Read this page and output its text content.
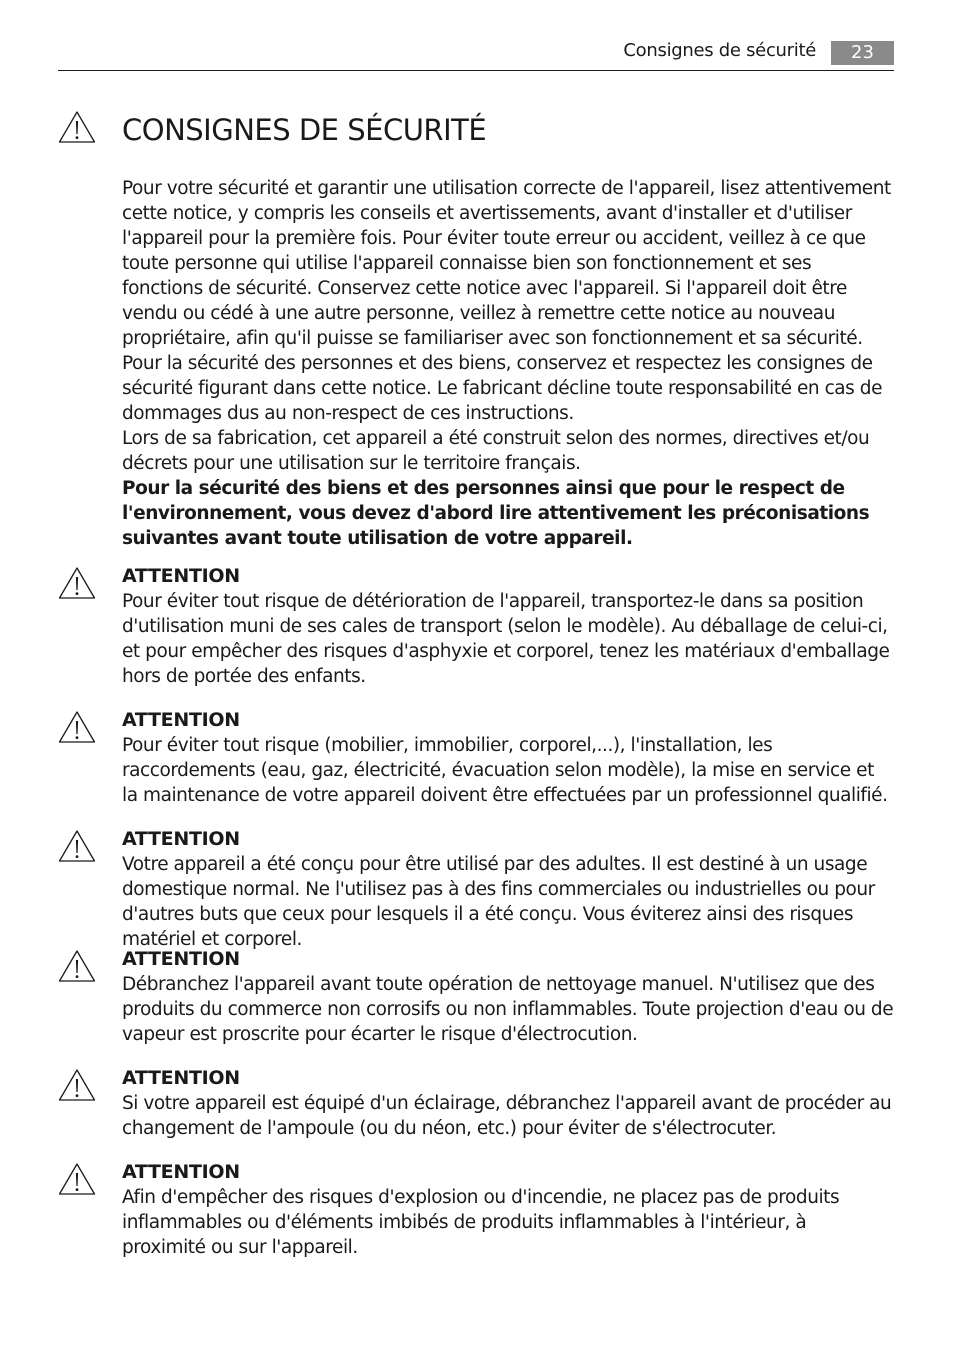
Consignes de sécurité	23
CONSIGNES DE SÉCURITÉ

Pour votre sécurité et garantir une utilisation correcte de l'appareil, lisez attentivement cette notice, y compris les conseils et avertissements, avant d'installer et d'utiliser l'appareil pour la première fois. Pour éviter toute erreur ou accident, veillez à ce que toute personne qui utilise l'appareil connaisse bien son fonctionnement et ses fonctions de sécurité. Conservez cette notice avec l'appareil. Si l'appareil doit être vendu ou cédé à une autre personne, veillez à remettre cette notice au nouveau propriétaire, afin qu'il puisse se familiariser avec son fonctionnement et sa sécurité.

Pour la sécurité des personnes et des biens, conservez et respectez les consignes de sécurité figurant dans cette notice. Le fabricant décline toute responsabilité en cas de dommages dus au non-respect de ces instructions.

Lors de sa fabrication, cet appareil a été construit selon des normes, directives et/ou décrets pour une utilisation sur le territoire français.

Pour la sécurité des biens et des personnes ainsi que pour le respect de l'environnement, vous devez d'abord lire attentivement les préconisations suivantes avant toute utilisation de votre appareil.

ATTENTION

Pour éviter tout risque de détérioration de l'appareil, transportez-le dans sa position d'utilisation muni de ses cales de transport (selon le modèle). Au déballage de celui-ci, et pour empêcher des risques d'asphyxie et corporel, tenez les matériaux d'emballage hors de portée des enfants.

ATTENTION

Pour éviter tout risque (mobilier, immobilier, corporel,...), l'installation, les raccordements (eau, gaz, électricité, évacuation selon modèle), la mise en service et la maintenance de votre appareil doivent être effectuées par un professionnel qualifié.

ATTENTION

Votre appareil a été conçu pour être utilisé par des adultes. Il est destiné à un usage domestique normal. Ne l'utilisez pas à des fins commerciales ou industrielles ou pour d'autres buts que ceux pour lesquels il a été conçu. Vous éviterez ainsi des risques matériel et corporel.

ATTENTION

Débranchez l'appareil avant toute opération de nettoyage manuel. N'utilisez que des produits du commerce non corrosifs ou non inflammables. Toute projection d'eau ou de vapeur est proscrite pour écarter le risque d'électrocution.

ATTENTION

Si votre appareil est équipé d'un éclairage, débranchez l'appareil avant de procéder au changement de l'ampoule (ou du néon, etc.) pour éviter de s'électrocuter.

ATTENTION

Afin d'empêcher des risques d'explosion ou d'incendie, ne placez pas de produits inflammables ou d'éléments imbibés de produits inflammables à l'intérieur, à proximité ou sur l'appareil.
